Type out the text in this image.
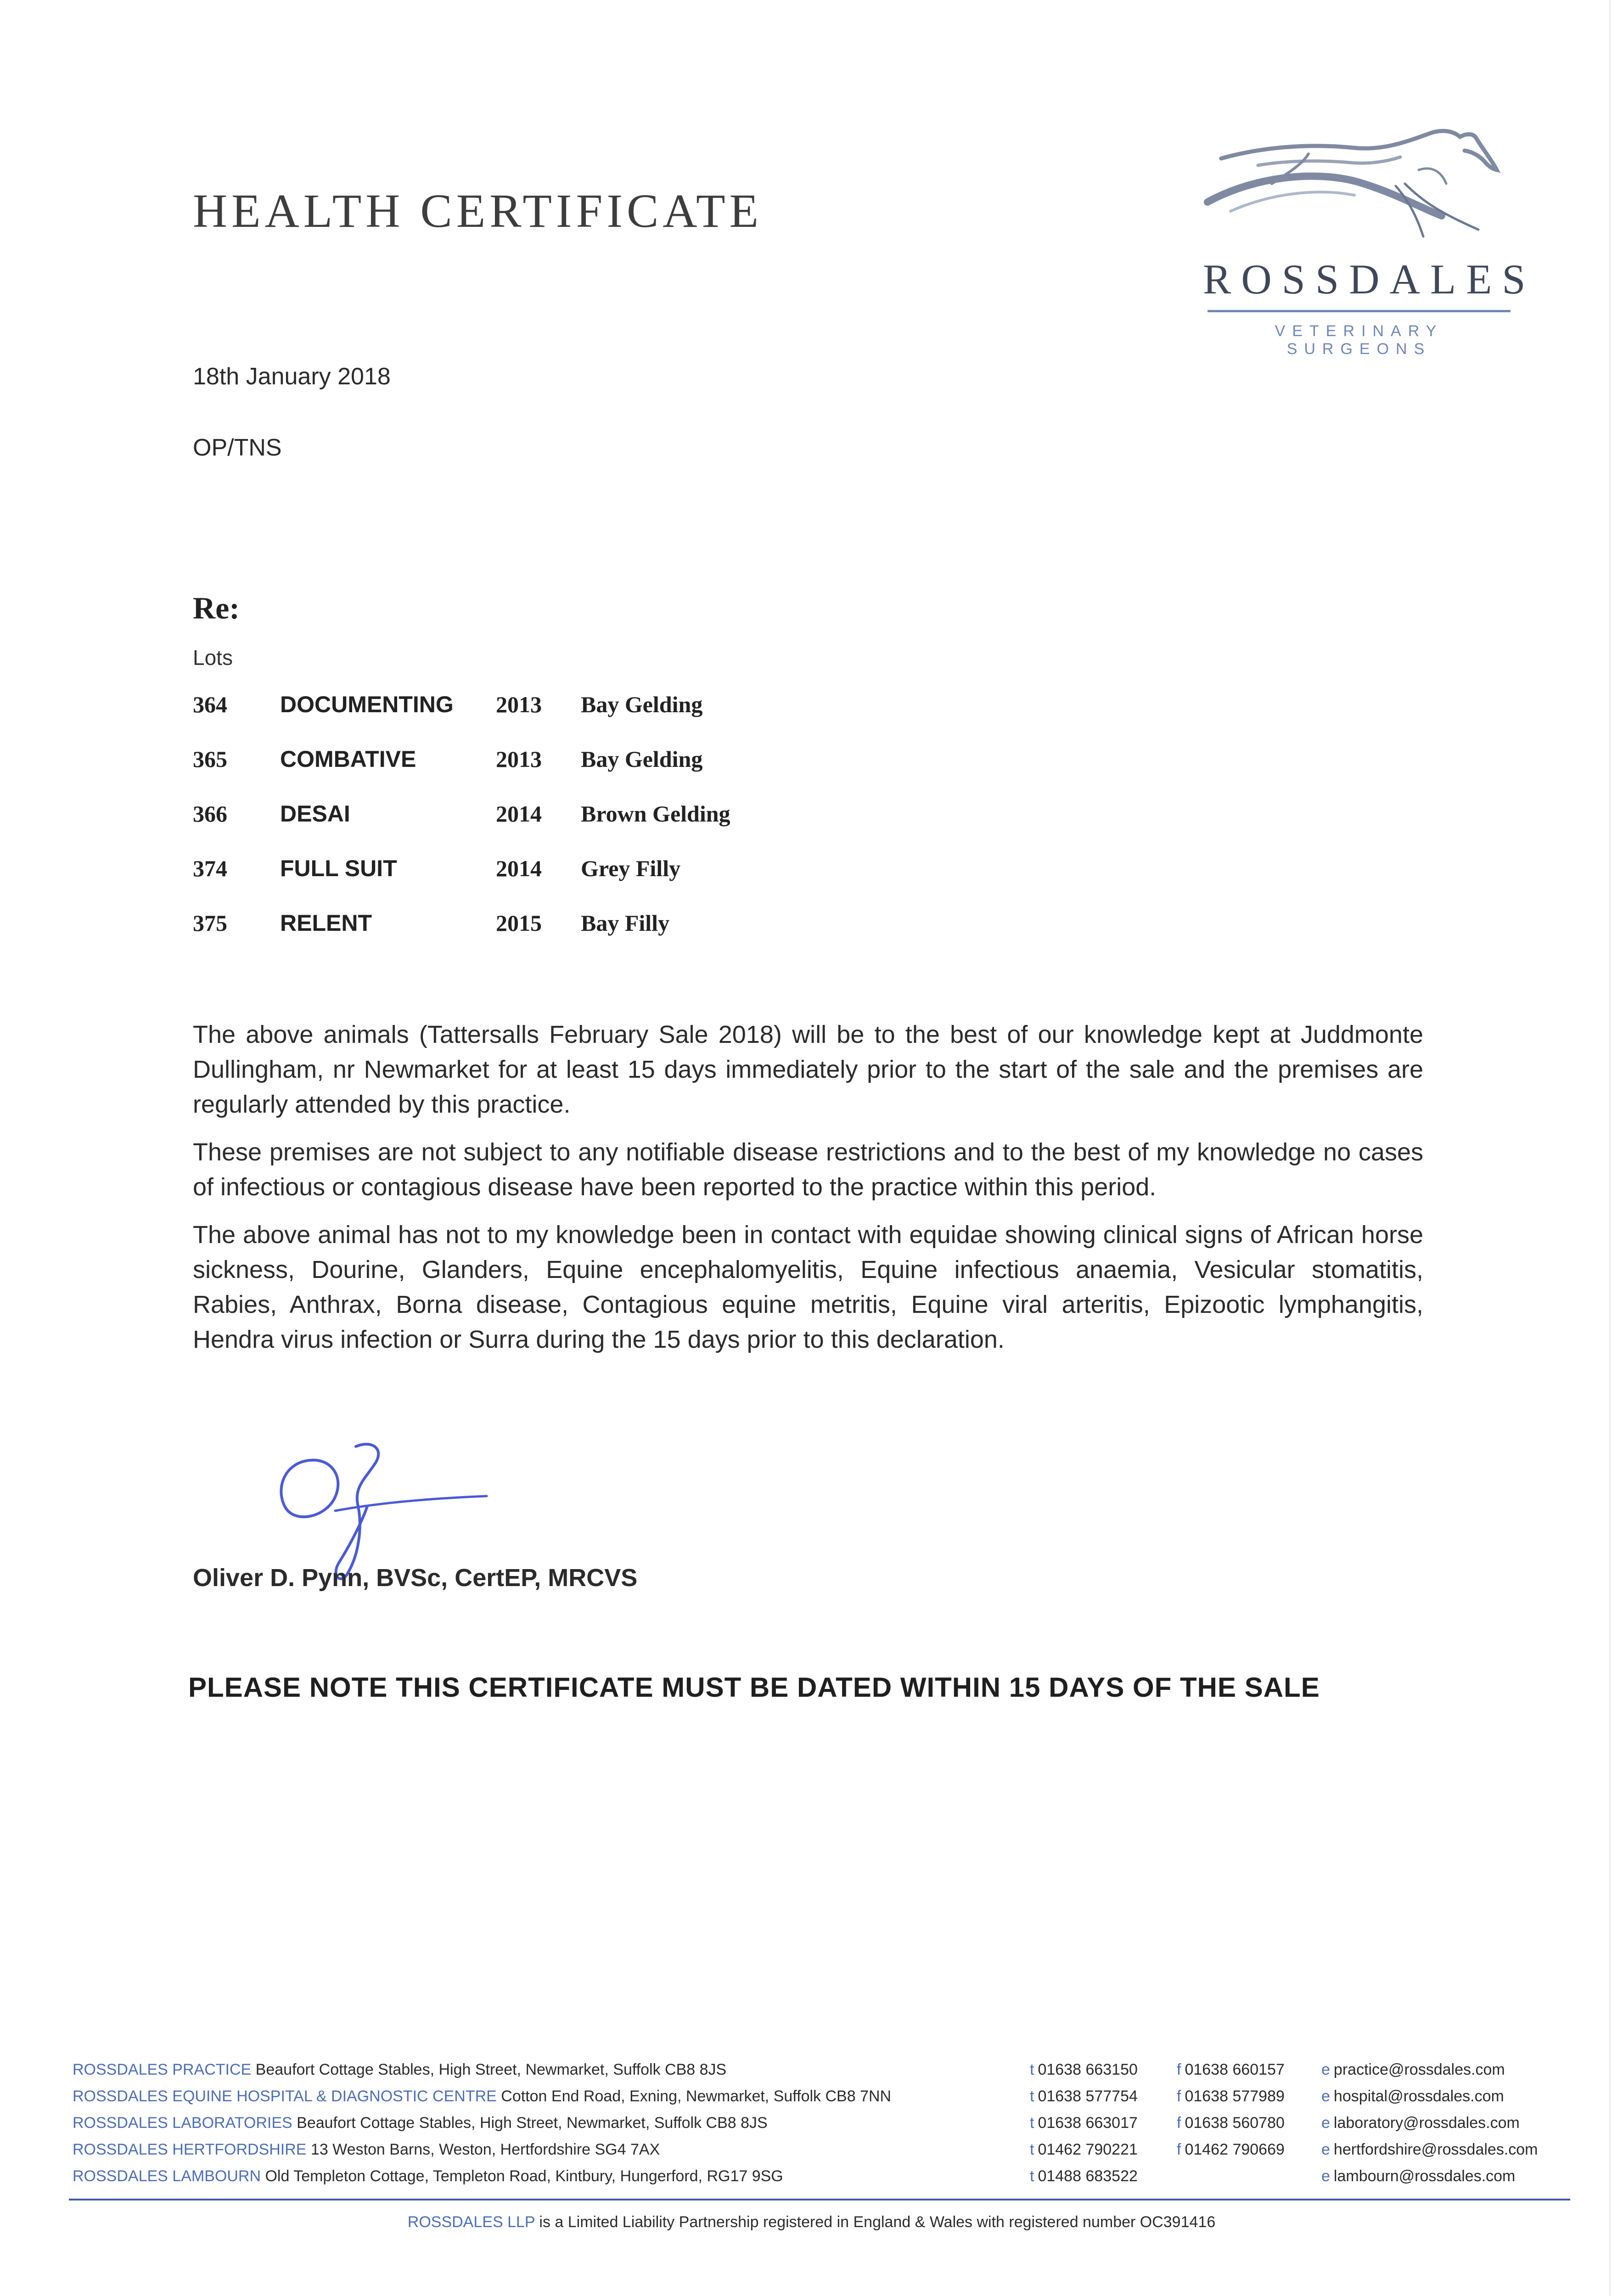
HEALTH CERTIFICATE
ROSSDALES
VETERINARY SURGEONS
18th January 2018
OP/TNS
Re:
Lots
364	DOCUMENTING	2013	Bay Gelding
365	COMBATIVE	2013	Bay Gelding
366	DESAI	2014	Brown Gelding
374	FULL SUIT	2014	Grey Filly
375	RELENT	2015	Bay Filly

The above animals (Tattersalls February Sale 2018) will be to the best of our knowledge kept at Juddmonte Dullingham, nr Newmarket for at least 15 days immediately prior to the start of the sale and the premises are regularly attended by this practice.

These premises are not subject to any notifiable disease restrictions and to the best of my knowledge no cases of infectious or contagious disease have been reported to the practice within this period.

The above animal has not to my knowledge been in contact with equidae showing clinical signs of African horse sickness, Dourine, Glanders, Equine encephalomyelitis, Equine infectious anaemia, Vesicular stomatitis, Rabies, Anthrax, Borna disease, Contagious equine metritis, Equine viral arteritis, Epizootic lymphangitis, Hendra virus infection or Surra during the 15 days prior to this declaration.

Oliver D. Pynn, BVSc, CertEP, MRCVS
PLEASE NOTE THIS CERTIFICATE MUST BE DATED WITHIN 15 DAYS OF THE SALE
ROSSDALES PRACTICE Beaufort Cottage Stables, High Street, Newmarket, Suffolk CB8 8JS	t 01638 663150	f 01638 660157 e practice@rossdales.com
ROSSDALES EQUINE HOSPITAL & DIAGNOSTIC CENTRE Cotton End Road, Exning, Newmarket, Suffolk CB8 7NN	t 01638 577754	f 01638 577989 e hospital@rossdales.com
ROSSDALES LABORATORIES Beaufort Cottage Stables, High Street, Newmarket, Suffolk CB8 8JS	t 01638 663017	f 01638 560780 e laboratory@rossdales.com
ROSSDALES HERTFORDSHIRE 13 Weston Barns, Weston, Hertfordshire SG4 7AX	t 01462 790221	f 01462 790669 e hertfordshire@rossdales.com
ROSSDALES LAMBOURN Old Templeton Cottage, Templeton Road, Kintbury, Hungerford, RG17 9SG	t 01488 683522	e lambourn@rossdales.com
ROSSDALES LLP is a Limited Liability Partnership registered in England & Wales with registered number OC391416
